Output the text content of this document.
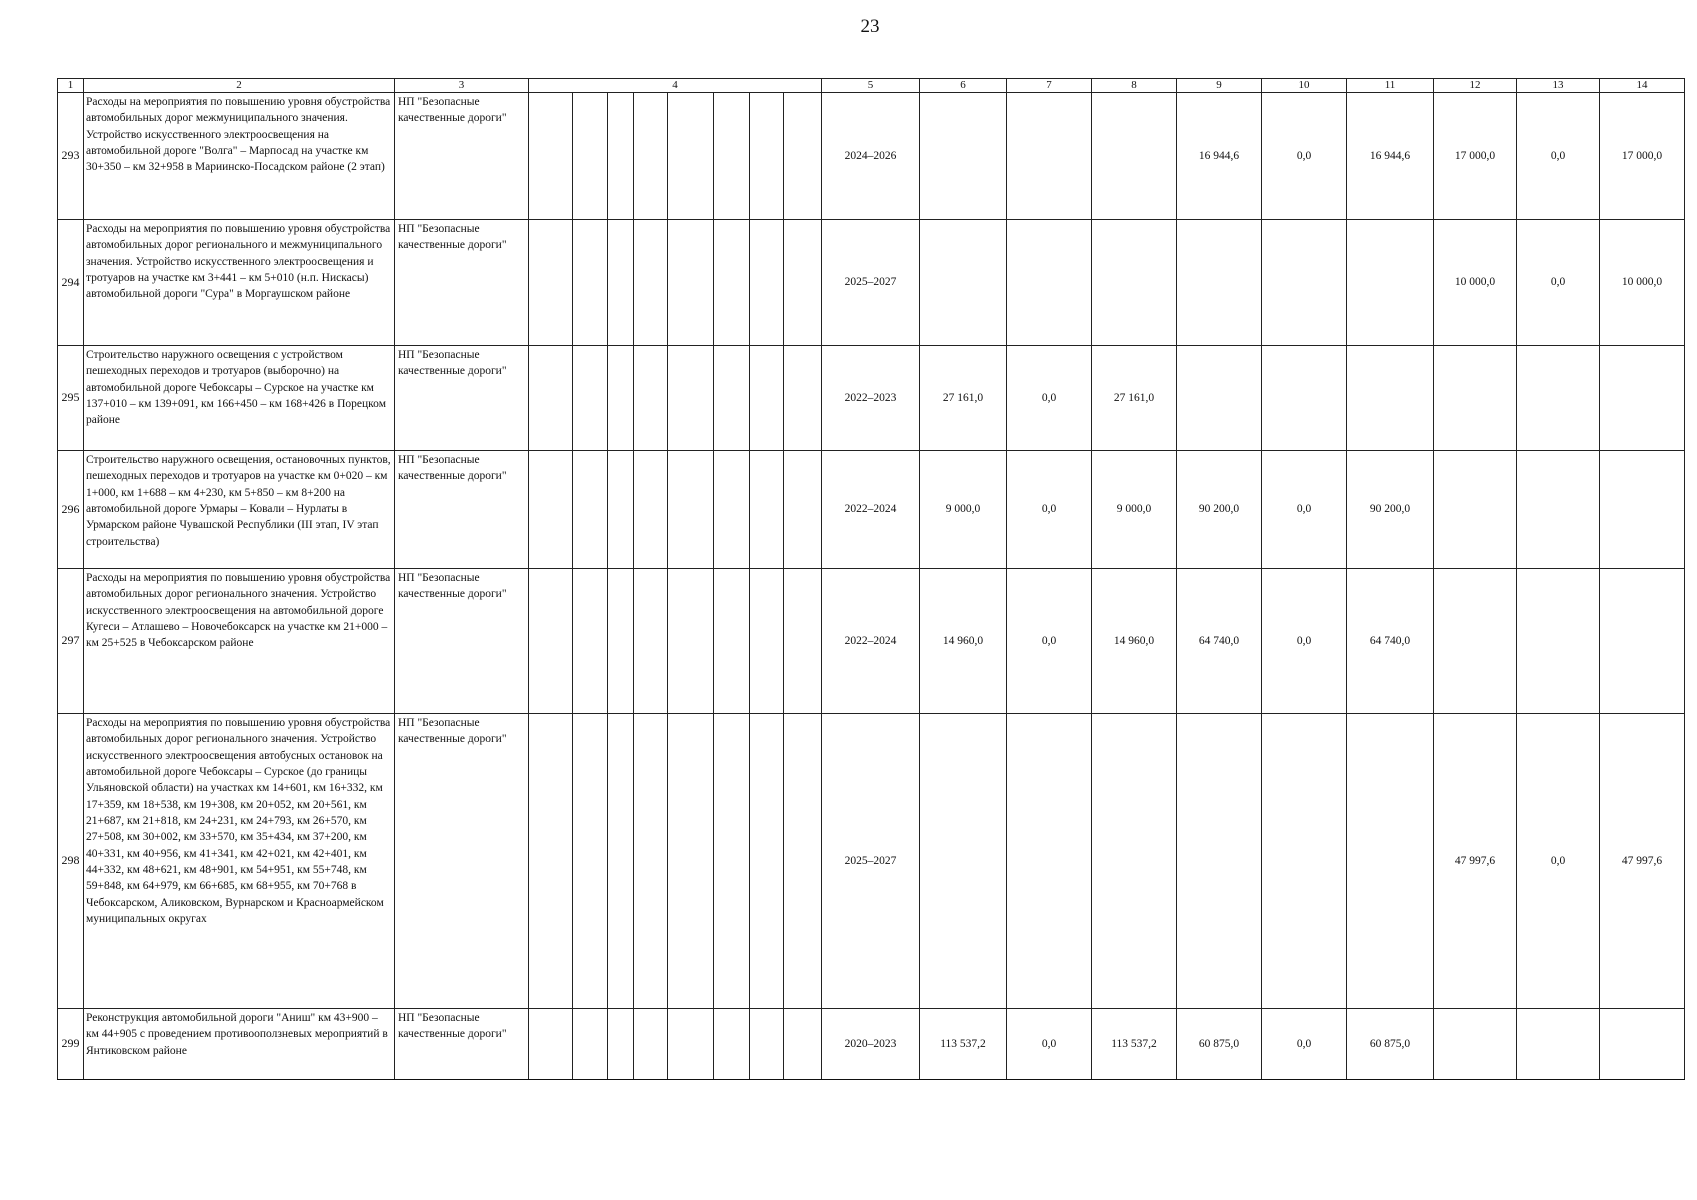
23
1	2	3	4								5	6	7	8	9	10	11	12	13	14
293	Расходы на мероприятия по повышению уровня обустройства автомобильных дорог межмуниципального значения. Устройство искусственного электроосвещения на автомобильной дороге "Волга" – Марпосад на участке км 30+350 – км 32+958 в Мариинско-Посадском районе (2 этап)	НП "Безопасные качественные дороги"									2024–2026				16 944,6	0,0	16 944,6	17 000,0	0,0	17 000,0
294	Расходы на мероприятия по повышению уровня обустройства автомобильных дорог регионального и межмуниципального значения. Устройство искусственного электроосвещения и тротуаров на участке км 3+441 – км 5+010 (н.п. Нискасы) автомобильной дороги "Сура" в Моргаушском районе	НП "Безопасные качественные дороги"									2025–2027							10 000,0	0,0	10 000,0
295	Строительство наружного освещения с устройством пешеходных переходов и тротуаров (выборочно) на автомобильной дороге Чебоксары – Сурское на участке км 137+010 – км 139+091, км 166+450 – км 168+426 в Порецком районе	НП "Безопасные качественные дороги"									2022–2023	27 161,0	0,0	27 161,0						
296	Строительство наружного освещения, остановочных пунктов, пешеходных переходов и тротуаров на участке км 0+020 – км 1+000, км 1+688 – км 4+230, км 5+850 – км 8+200 на автомобильной дороге Урмары – Ковали – Нурлаты в Урмарском районе Чувашской Республики (III этап, IV этап строительства)	НП "Безопасные качественные дороги"									2022–2024	9 000,0	0,0	9 000,0	90 200,0	0,0	90 200,0			
297	Расходы на мероприятия по повышению уровня обустройства автомобильных дорог регионального значения. Устройство искусственного электроосвещения на автомобильной дороге Кугеси – Атлашево – Новочебоксарск на участке км 21+000 – км 25+525 в Чебоксарском районе	НП "Безопасные качественные дороги"									2022–2024	14 960,0	0,0	14 960,0	64 740,0	0,0	64 740,0			
298	Расходы на мероприятия по повышению уровня обустройства автомобильных дорог регионального значения. Устройство искусственного электроосвещения автобусных остановок на автомобильной дороге Чебоксары – Сурское (до границы Ульяновской области) на участках км 14+601, км 16+332, км 17+359, км 18+538, км 19+308, км 20+052, км 20+561, км 21+687, км 21+818, км 24+231, км 24+793, км 26+570, км 27+508, км 30+002, км 33+570, км 35+434, км 37+200, км 40+331, км 40+956, км 41+341, км 42+021, км 42+401, км 44+332, км 48+621, км 48+901, км 54+951, км 55+748, км 59+848, км 64+979, км 66+685, км 68+955, км 70+768 в Чебоксарском, Аликовском, Вурнарском и Красноармейском муниципальных округах	НП "Безопасные качественные дороги"									2025–2027							47 997,6	0,0	47 997,6
299	Реконструкция автомобильной дороги "Аниш" км 43+900 – км 44+905 с проведением противооползневых мероприятий в Янтиковском районе	НП "Безопасные качественные дороги"									2020–2023	113 537,2	0,0	113 537,2	60 875,0	0,0	60 875,0			
